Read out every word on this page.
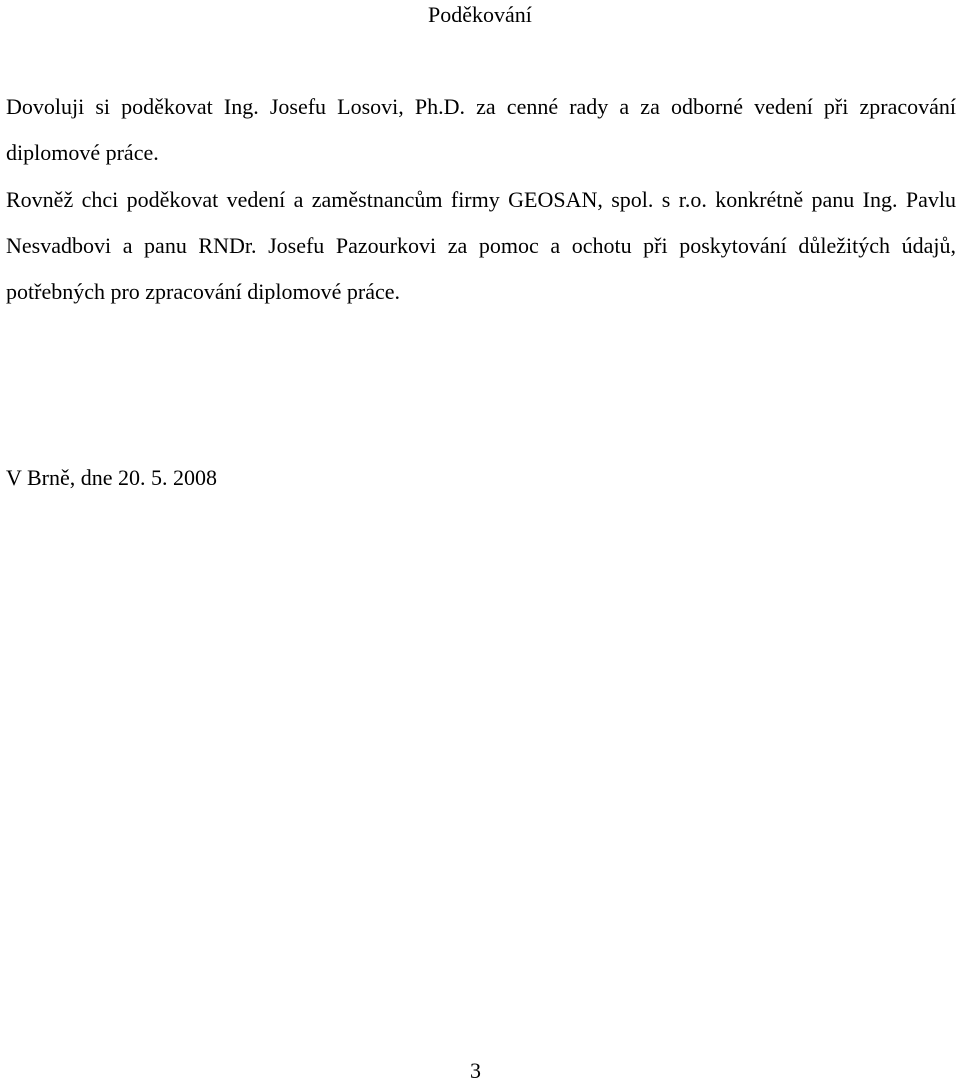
Poděkování

Dovoluji si poděkovat Ing. Josefu Losovi, Ph.D. za cenné rady a za odborné vedení při zpracování diplomové práce.

Rovněž chci poděkovat vedení a zaměstnancům firmy GEOSAN, spol. s r.o. konkrétně panu Ing. Pavlu Nesvadbovi a panu RNDr. Josefu Pazourkovi za pomoc a ochotu při poskytování důležitých údajů, potřebných pro zpracování diplomové práce.

V Brně, dne 20. 5. 2008

3
